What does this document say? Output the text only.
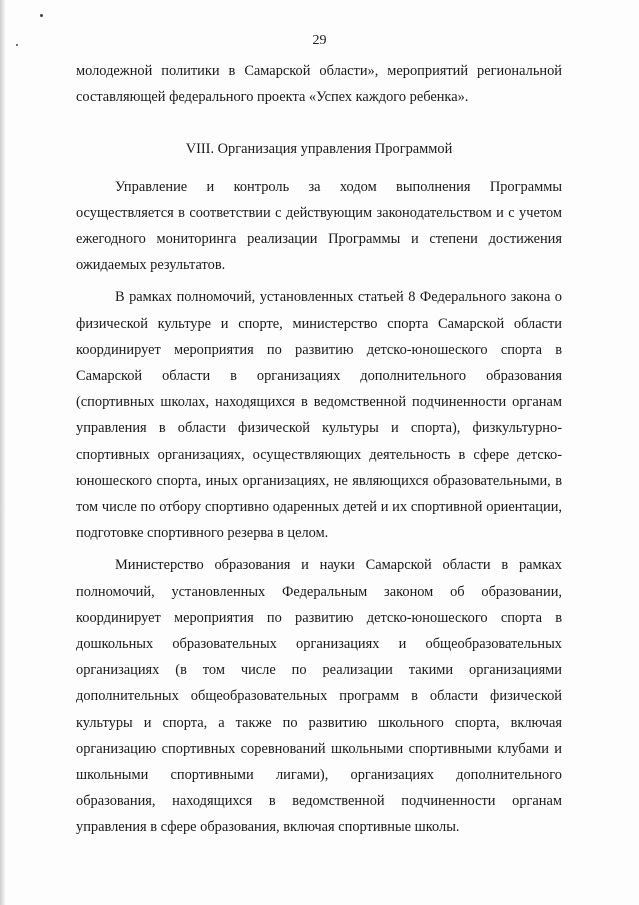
29

молодежной политики в Самарской области», мероприятий региональной составляющей федерального проекта «Успех каждого ребенка».

VIII. Организация управления Программой

Управление и контроль за ходом выполнения Программы осуществляется в соответствии с действующим законодательством и с учетом ежегодного мониторинга реализации Программы и степени достижения ожидаемых результатов.

В рамках полномочий, установленных статьей 8 Федерального закона о физической культуре и спорте, министерство спорта Самарской области координирует мероприятия по развитию детско-юношеского спорта в Самарской области в организациях дополнительного образования (спортивных школах, находящихся в ведомственной подчиненности органам управления в области физической культуры и спорта), физкультурно-спортивных организациях, осуществляющих деятельность в сфере детско-юношеского спорта, иных организациях, не являющихся образовательными, в том числе по отбору спортивно одаренных детей и их спортивной ориентации, подготовке спортивного резерва в целом.

Министерство образования и науки Самарской области в рамках полномочий, установленных Федеральным законом об образовании, координирует мероприятия по развитию детско-юношеского спорта в дошкольных образовательных организациях и общеобразовательных организациях (в том числе по реализации такими организациями дополнительных общеобразовательных программ в области физической культуры и спорта, а также по развитию школьного спорта, включая организацию спортивных соревнований школьными спортивными клубами и школьными спортивными лигами), организациях дополнительного образования, находящихся в ведомственной подчиненности органам управления в сфере образования, включая спортивные школы.
